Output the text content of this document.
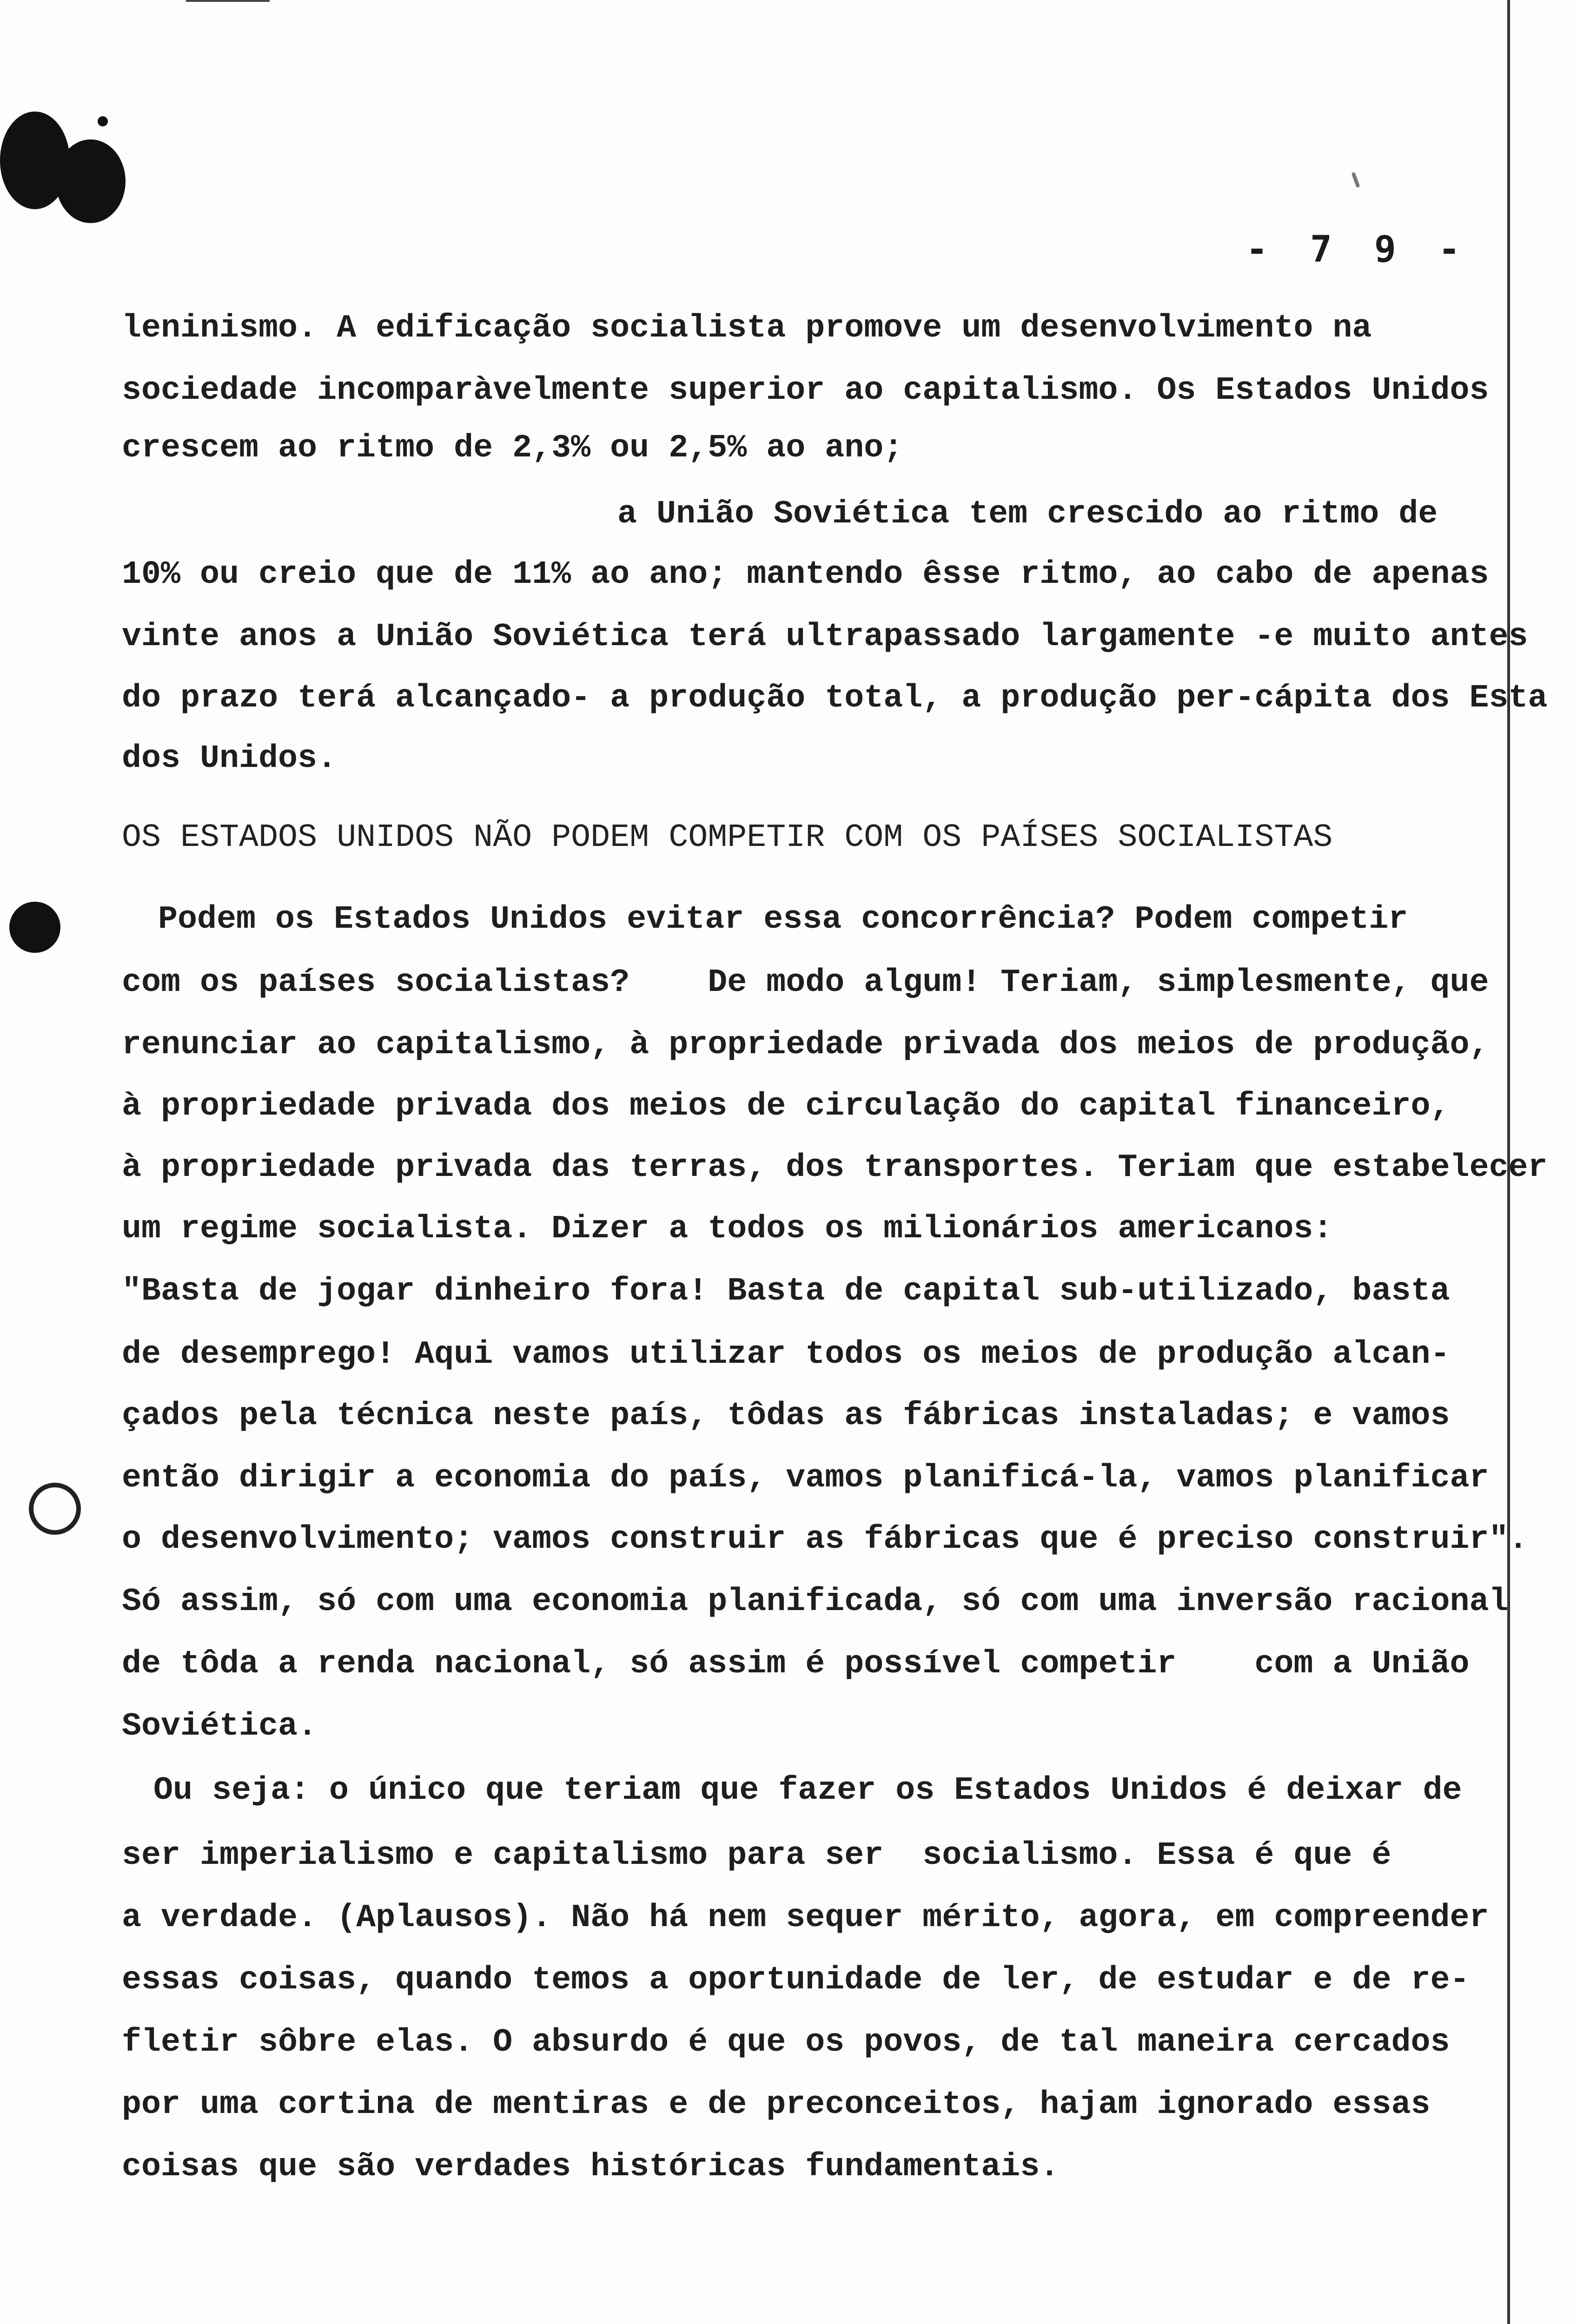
- 7 9 -
leninismo. A edificação socialista promove um desenvolvimento na
sociedade incomparàvelmente superior ao capitalismo. Os Estados Unidos
crescem ao ritmo de 2,3% ou 2,5% ao ano;
a União Soviética tem crescido ao ritmo de
10% ou creio que de 11% ao ano; mantendo êsse ritmo, ao cabo de apenas
vinte anos a União Soviética terá ultrapassado largamente -e muito antes
do prazo terá alcançado- a produção total, a produção per-cápita dos Esta
dos Unidos.
OS ESTADOS UNIDOS NÃO PODEM COMPETIR COM OS PAÍSES SOCIALISTAS
Podem os Estados Unidos evitar essa concorrência? Podem competir
com os países socialistas?    De modo algum! Teriam, simplesmente, que
renunciar ao capitalismo, à propriedade privada dos meios de produção,
à propriedade privada dos meios de circulação do capital financeiro,
à propriedade privada das terras, dos transportes. Teriam que estabelecer
um regime socialista. Dizer a todos os milionários americanos:
"Basta de jogar dinheiro fora! Basta de capital sub-utilizado, basta
de desemprego! Aqui vamos utilizar todos os meios de produção alcan-
çados pela técnica neste país, tôdas as fábricas instaladas; e vamos
então dirigir a economia do país, vamos planificá-la, vamos planificar
o desenvolvimento; vamos construir as fábricas que é preciso construir".
Só assim, só com uma economia planificada, só com uma inversão racional
de tôda a renda nacional, só assim é possível competir    com a União
Soviética.
Ou seja: o único que teriam que fazer os Estados Unidos é deixar de
ser imperialismo e capitalismo para ser  socialismo. Essa é que é
a verdade. (Aplausos). Não há nem sequer mérito, agora, em compreender
essas coisas, quando temos a oportunidade de ler, de estudar e de re-
fletir sôbre elas. O absurdo é que os povos, de tal maneira cercados
por uma cortina de mentiras e de preconceitos, hajam ignorado essas
coisas que são verdades históricas fundamentais.
